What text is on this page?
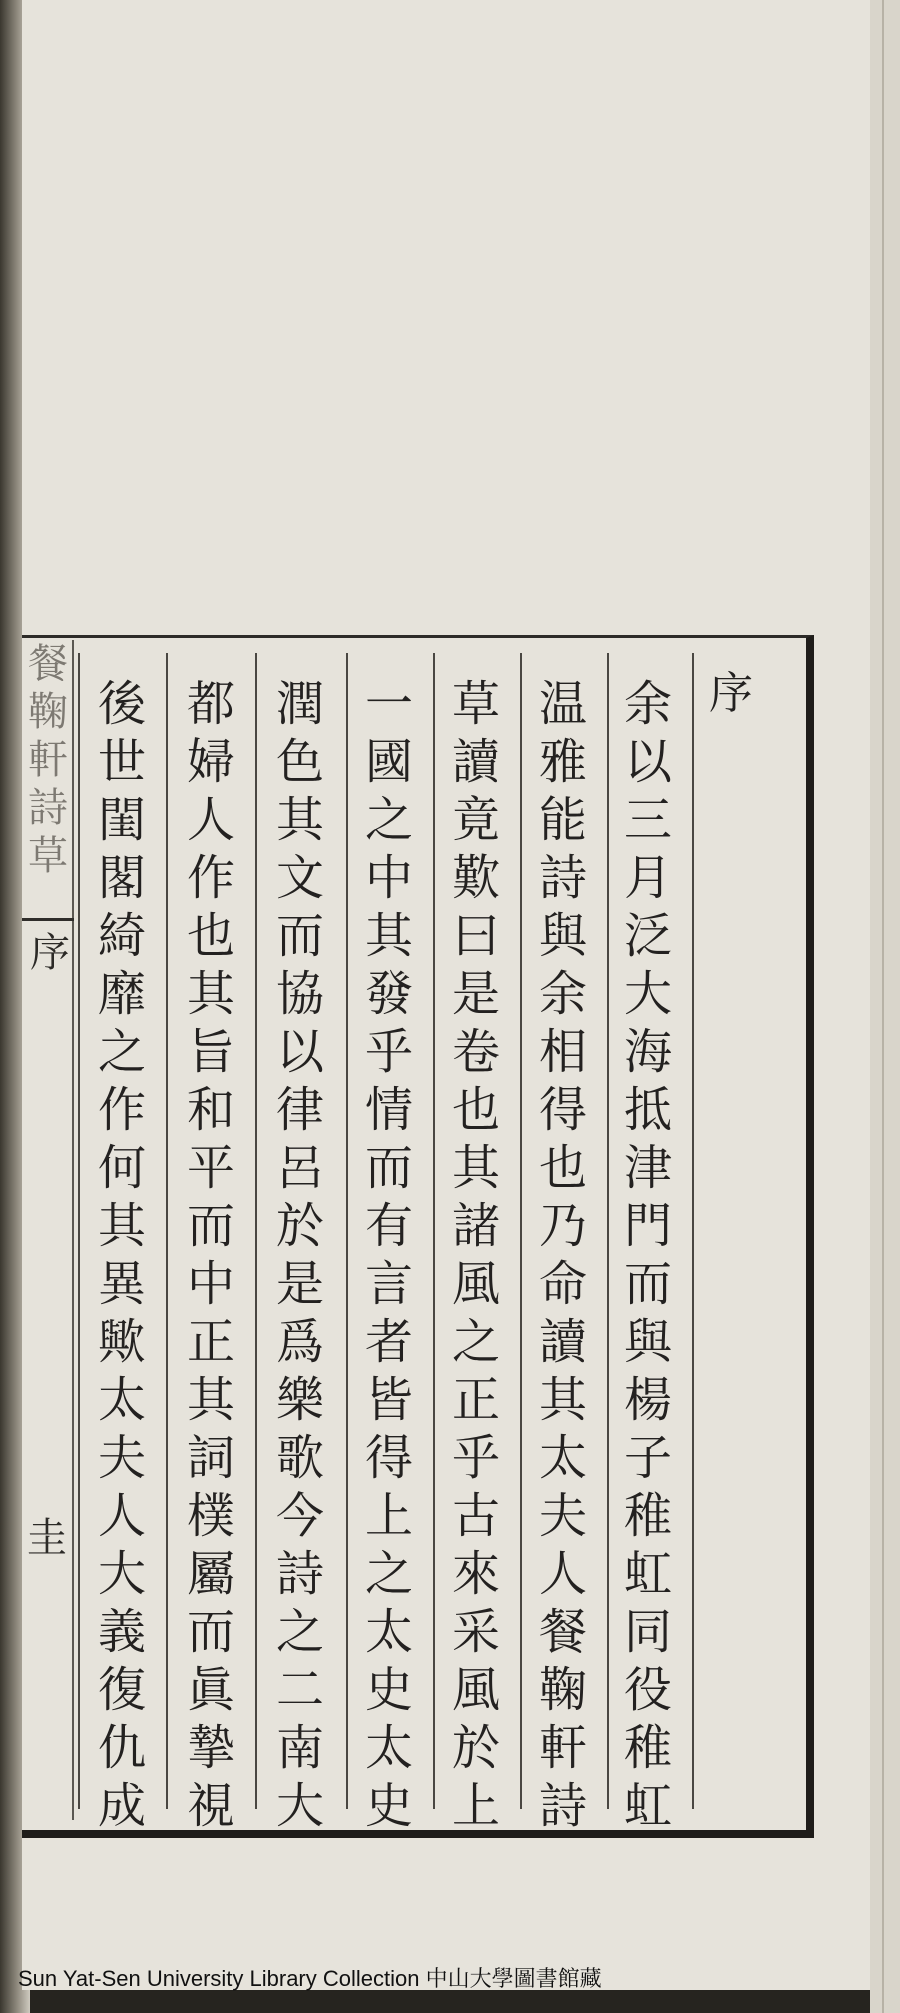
餐鞠軒詩草
序
圭
序
余以三月泛大海抵津門而與楊子稚虹同役稚虹
温雅能詩與余相得也乃命讀其太夫人餐鞠軒詩
草讀竟歎曰是卷也其諸風之正乎古來采風於上
一國之中其發乎情而有言者皆得上之太史太史
潤色其文而協以律呂於是爲樂歌今詩之二南大
都婦人作也其旨和平而中正其詞樸屬而眞摯視
後世閨閣綺靡之作何其異歟太夫人大義復仇成
Sun Yat-Sen University Library Collection 中山大學圖書館藏
